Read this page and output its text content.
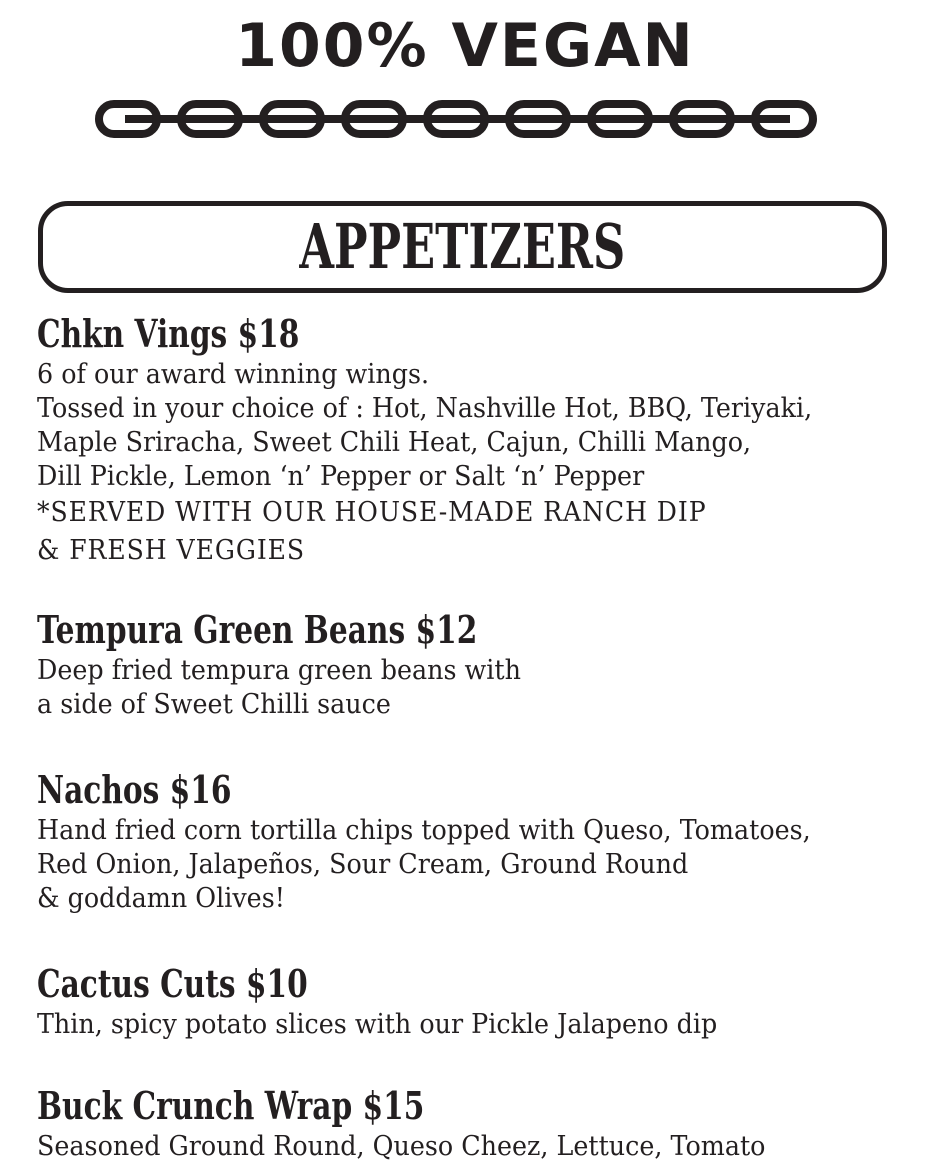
100% VEGAN
APPETIZERS
Chkn Vings $18
6 of our award winning wings.
Tossed in your choice of : Hot, Nashville Hot, BBQ, Teriyaki,
Maple Sriracha, Sweet Chili Heat, Cajun, Chilli Mango,
Dill Pickle, Lemon ‘n’ Pepper or Salt ‘n’ Pepper
*SERVED WITH OUR HOUSE-MADE RANCH DIP
& FRESH VEGGIES
Tempura Green Beans $12
Deep fried tempura green beans with
a side of Sweet Chilli sauce
Nachos $16
Hand fried corn tortilla chips topped with Queso, Tomatoes,
Red Onion, Jalapeños, Sour Cream, Ground Round
& goddamn Olives!
Cactus Cuts $10
Thin, spicy potato slices with our Pickle Jalapeno dip
Buck Crunch Wrap $15
Seasoned Ground Round, Queso Cheez, Lettuce, Tomato
